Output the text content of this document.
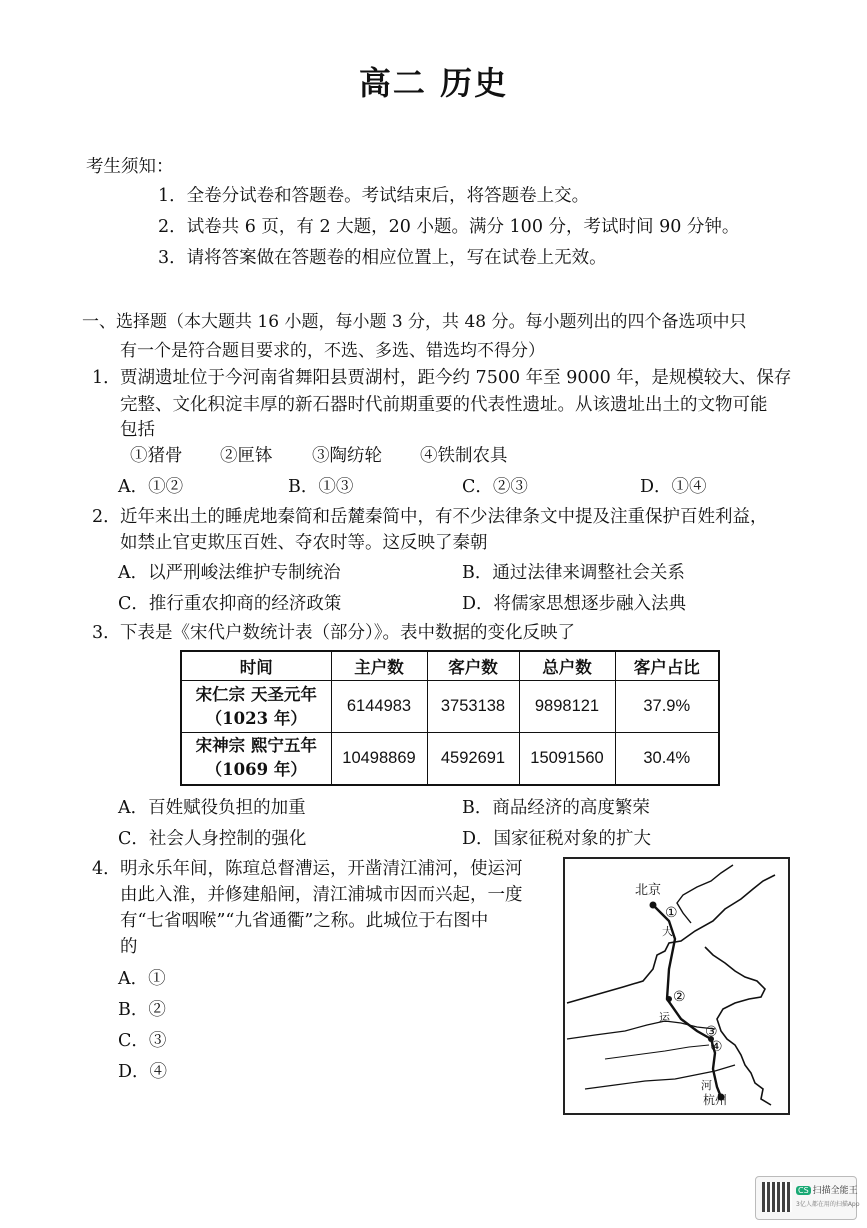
高二 历史
考生须知：
1．全卷分试卷和答题卷。考试结束后，将答题卷上交。
2．试卷共 6 页，有 2 大题，20 小题。满分 100 分，考试时间 90 分钟。
3．请将答案做在答题卷的相应位置上，写在试卷上无效。
一、选择题（本大题共 16 小题，每小题 3 分，共 48 分。每小题列出的四个备选项中只
有一个是符合题目要求的，不选、多选、错选均不得分）
1． 贾湖遗址位于今河南省舞阳县贾湖村，距今约 7500 年至 9000 年，是规模较大、保存
完整、文化积淀丰厚的新石器时代前期重要的代表性遗址。从该遗址出土的文物可能
包括
①猪骨 ②匣钵 ③陶纺轮 ④铁制农具
A．①②	B．①③	C．②③	D．①④
2． 近年来出土的睡虎地秦简和岳麓秦简中，有不少法律条文中提及注重保护百姓利益，
如禁止官吏欺压百姓、夺农时等。这反映了秦朝
A．以严刑峻法维护专制统治	B．通过法律来调整社会关系
C．推行重农抑商的经济政策	D．将儒家思想逐步融入法典
3． 下表是《宋代户数统计表（部分）》。表中数据的变化反映了
时间	主户数	客户数	总户数	客户占比

宋仁宗 天圣元年
（1023 年）	6144983	3753138	9898121	37.9%

宋神宗 熙宁五年
（1069 年）	10498869	4592691	15091560	30.4%
A．百姓赋役负担的加重	B．商品经济的高度繁荣
C．社会人身控制的强化	D．国家征税对象的扩大
4． 明永乐年间，陈瑄总督漕运，开凿清江浦河，使运河
由此入淮，并修建船闸，清江浦城市因而兴起，一度
有“七省咽喉”“九省通衢”之称。此城位于右图中
的
A．①
B．②
C．③
D．④
北京
①
大
②
运
③
④
河
杭州
CS 扫描全能王
3亿人都在用的扫描App
